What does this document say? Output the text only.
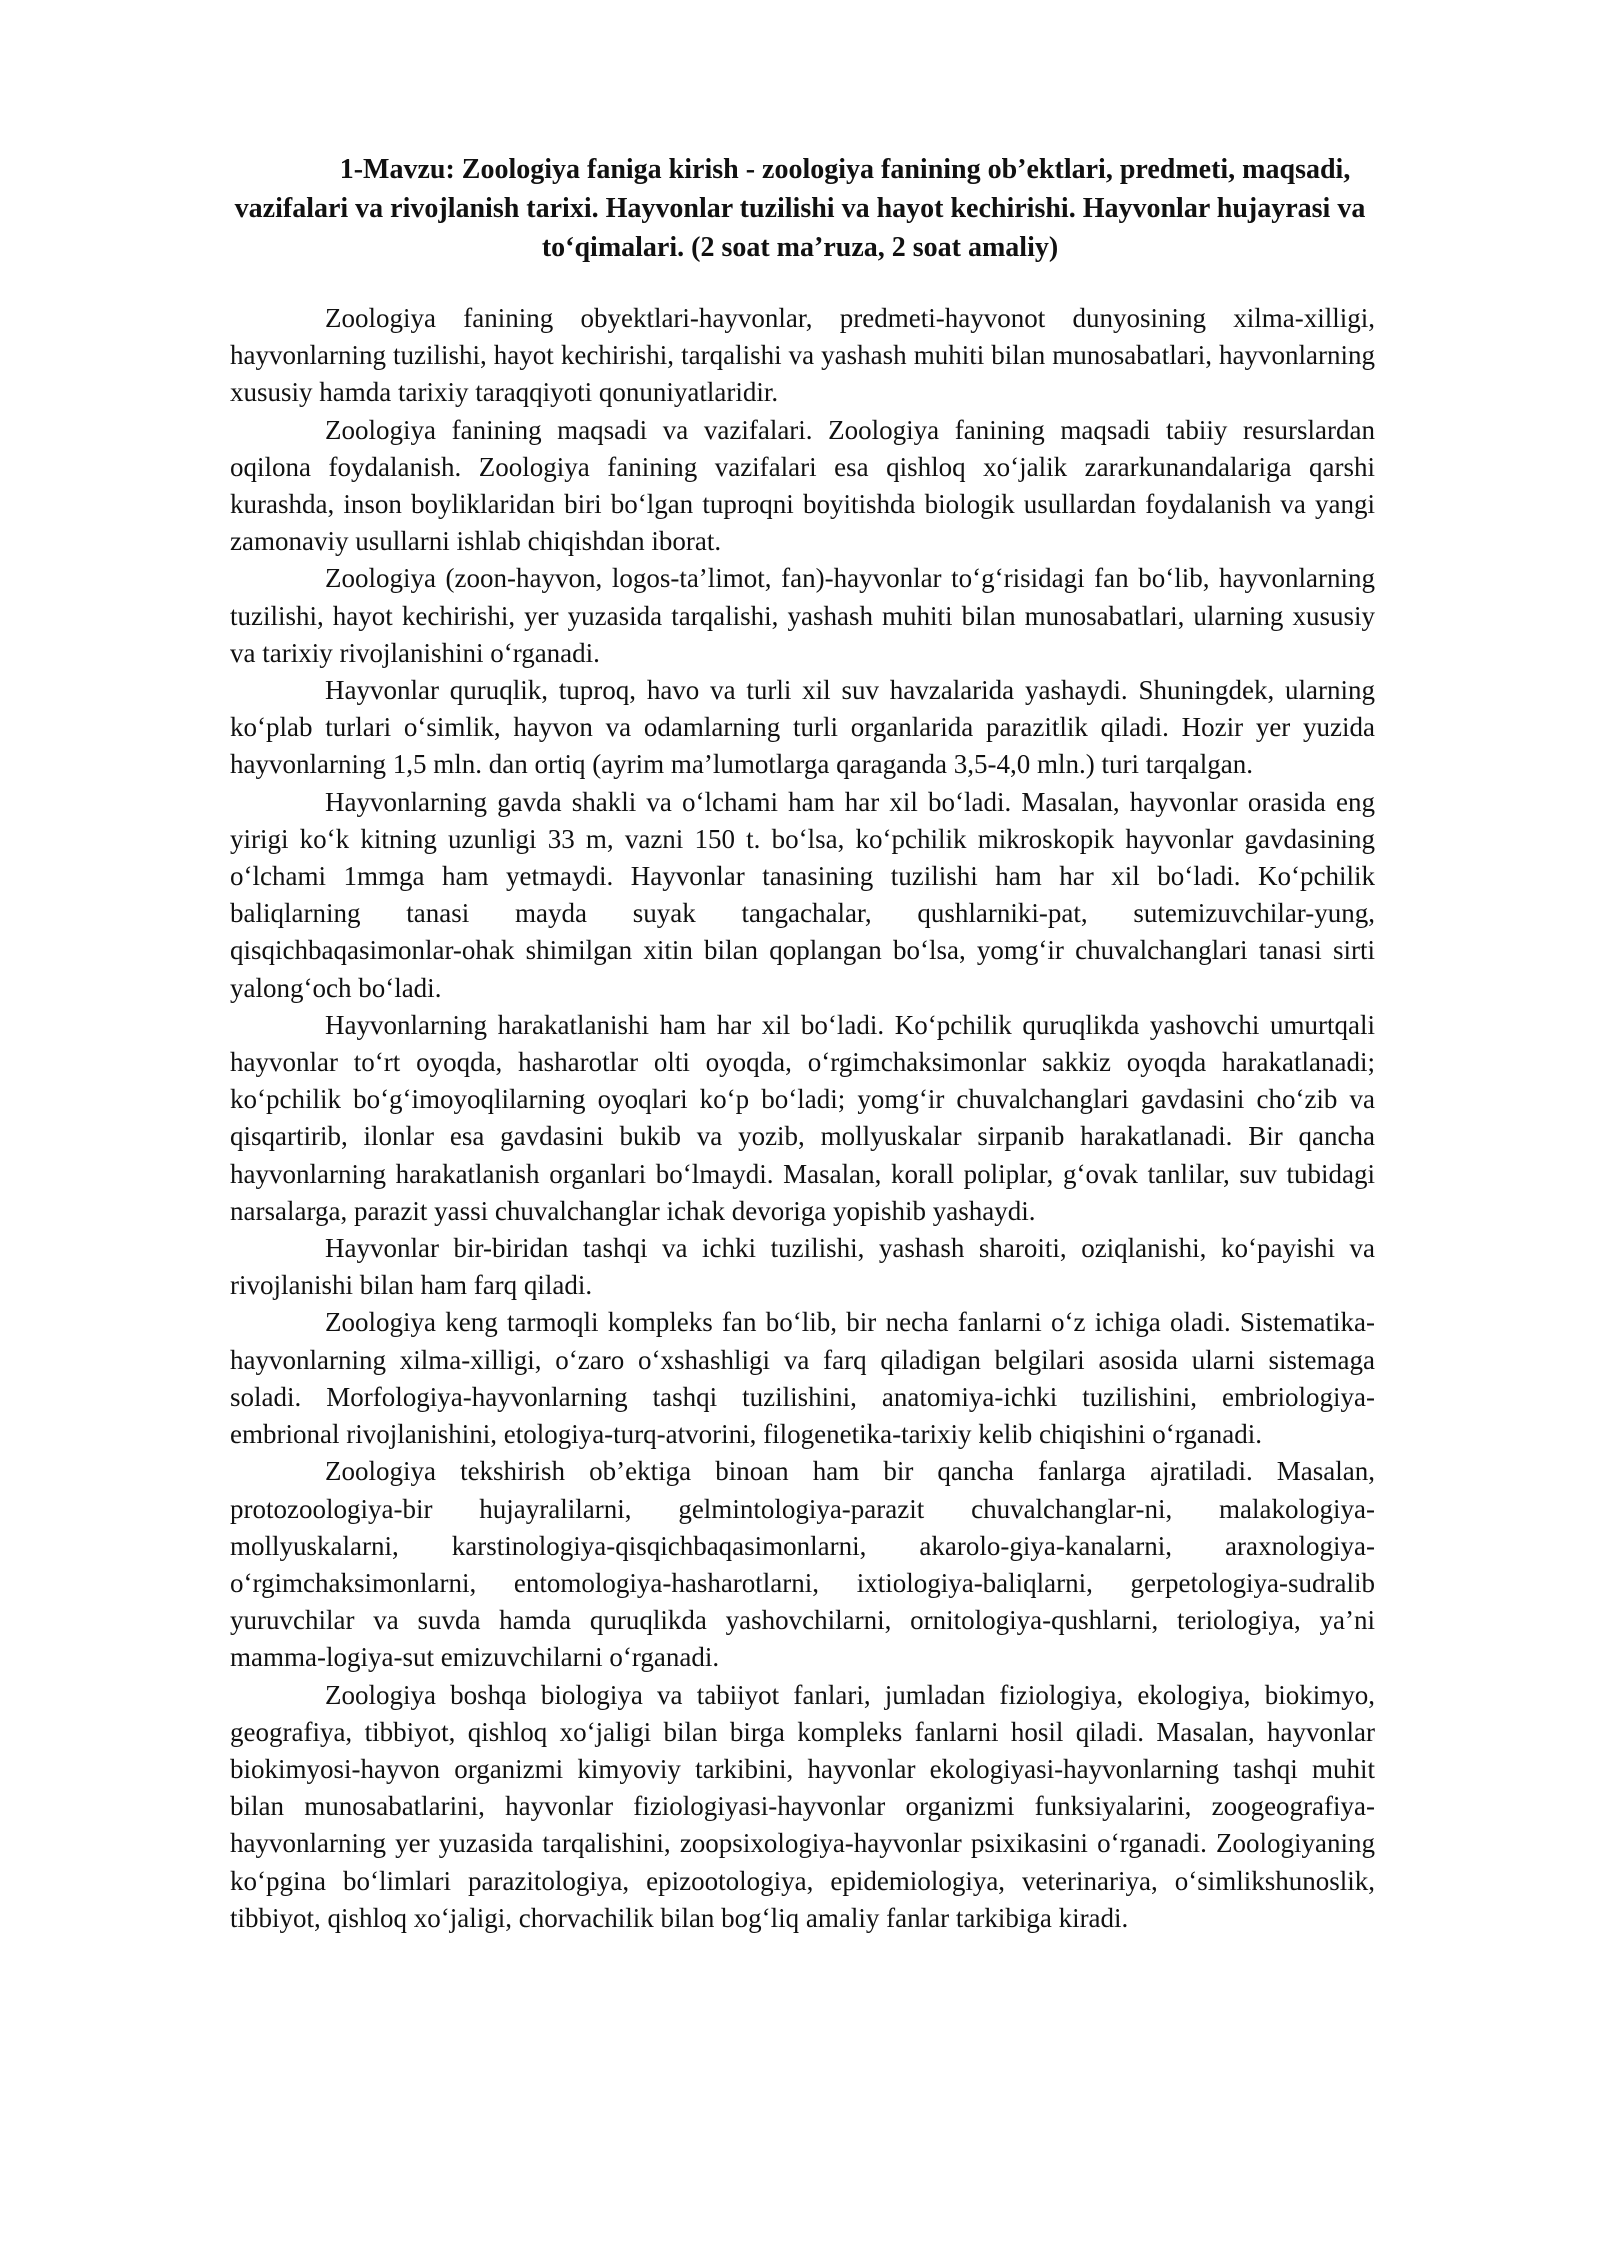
1-Mavzu: Zoologiya faniga kirish - zoologiya fanining ob’ektlari, predmeti, maqsadi, vazifalari va rivojlanish tarixi. Hayvonlar tuzilishi va hayot kechirishi. Hayvonlar hujayrasi va to‘qimalari. (2 soat ma’ruza, 2 soat amaliy)

Zoologiya fanining obyektlari-hayvonlar, predmeti-hayvonot dunyosining xilma-xilligi, hayvonlarning tuzilishi, hayot kechirishi, tarqalishi va yashash muhiti bilan munosabatlari, hayvonlarning xususiy hamda tarixiy taraqqiyoti qonuniyatlaridir.

Zoologiya fanining maqsadi va vazifalari. Zoologiya fanining maqsadi tabiiy resurslardan oqilona foydalanish. Zoologiya fanining vazifalari esa qishloq xo‘jalik zararkunandalariga qarshi kurashda, inson boyliklaridan biri bo‘lgan tuproqni boyitishda biologik usullardan foydalanish va yangi zamonaviy usullarni ishlab chiqishdan iborat.

Zoologiya (zoon-hayvon, logos-ta’limot, fan)-hayvonlar to‘g‘risidagi fan bo‘lib, hayvonlarning tuzilishi, hayot kechirishi, yer yuzasida tarqalishi, yashash muhiti bilan munosabatlari, ularning xususiy va tarixiy rivojlanishini o‘rganadi.

Hayvonlar quruqlik, tuproq, havo va turli xil suv havzalarida yashaydi. Shuningdek, ularning ko‘plab turlari o‘simlik, hayvon va odamlarning turli organlarida parazitlik qiladi. Hozir yer yuzida hayvonlarning 1,5 mln. dan ortiq (ayrim ma’lumotlarga qaraganda 3,5-4,0 mln.) turi tarqalgan.

Hayvonlarning gavda shakli va o‘lchami ham har xil bo‘ladi. Masalan, hayvonlar orasida eng yirigi ko‘k kitning uzunligi 33 m, vazni 150 t. bo‘lsa, ko‘pchilik mikroskopik hayvonlar gavdasining o‘lchami 1mmga ham yetmaydi. Hayvonlar tanasining tuzilishi ham har xil bo‘ladi. Ko‘pchilik baliqlarning tanasi mayda suyak tangachalar, qushlarniki-pat, sutemizuvchilar-yung, qisqichbaqasimonlar-ohak shimilgan xitin bilan qoplangan bo‘lsa, yomg‘ir chuvalchanglari tanasi sirti yalong‘och bo‘ladi.

Hayvonlarning harakatlanishi ham har xil bo‘ladi. Ko‘pchilik quruqlikda yashovchi umurtqali hayvonlar to‘rt oyoqda, hasharotlar olti oyoqda, o‘rgimchaksimonlar sakkiz oyoqda harakatlanadi; ko‘pchilik bo‘g‘imoyoqlilarning oyoqlari ko‘p bo‘ladi; yomg‘ir chuvalchanglari gavdasini cho‘zib va qisqartirib, ilonlar esa gavdasini bukib va yozib, mollyuskalar sirpanib harakatlanadi. Bir qancha hayvonlarning harakatlanish organlari bo‘lmaydi. Masalan, korall poliplar, g‘ovak tanlilar, suv tubidagi narsalarga, parazit yassi chuvalchanglar ichak devoriga yopishib yashaydi.

Hayvonlar bir-biridan tashqi va ichki tuzilishi, yashash sharoiti, oziqlanishi, ko‘payishi va rivojlanishi bilan ham farq qiladi.

Zoologiya keng tarmoqli kompleks fan bo‘lib, bir necha fanlarni o‘z ichiga oladi. Sistematika-hayvonlarning xilma-xilligi, o‘zaro o‘xshashligi va farq qiladigan belgilari asosida ularni sistemaga soladi. Morfologiya-hayvonlarning tashqi tuzilishini, anatomiya-ichki tuzilishini, embriologiya-embrional rivojlanishini, etologiya-turq-atvorini, filogenetika-tarixiy kelib chiqishini o‘rganadi.

Zoologiya tekshirish ob’ektiga binoan ham bir qancha fanlarga ajratiladi. Masalan, protozoologiya-bir hujayralilarni, gelmintologiya-parazit chuvalchanglar-ni, malakologiya-mollyuskalarni, karstinologiya-qisqichbaqasimonlarni, akarolo-giya-kanalarni, araxnologiya-o‘rgimchaksimonlarni, entomologiya-hasharotlarni, ixtiologiya-baliqlarni, gerpetologiya-sudralib yuruvchilar va suvda hamda quruqlikda yashovchilarni, ornitologiya-qushlarni, teriologiya, ya’ni mamma-logiya-sut emizuvchilarni o‘rganadi.

Zoologiya boshqa biologiya va tabiiyot fanlari, jumladan fiziologiya, ekologiya, biokimyo, geografiya, tibbiyot, qishloq xo‘jaligi bilan birga kompleks fanlarni hosil qiladi. Masalan, hayvonlar biokimyosi-hayvon organizmi kimyoviy tarkibini, hayvonlar ekologiyasi-hayvonlarning tashqi muhit bilan munosabatlarini, hayvonlar fiziologiyasi-hayvonlar organizmi funksiyalarini, zoogeografiya-hayvonlarning yer yuzasida tarqalishini, zoopsixologiya-hayvonlar psixikasini o‘rganadi. Zoologiyaning ko‘pgina bo‘limlari parazitologiya, epizootologiya, epidemiologiya, veterinariya, o‘simlikshunoslik, tibbiyot, qishloq xo‘jaligi, chorvachilik bilan bog‘liq amaliy fanlar tarkibiga kiradi.
